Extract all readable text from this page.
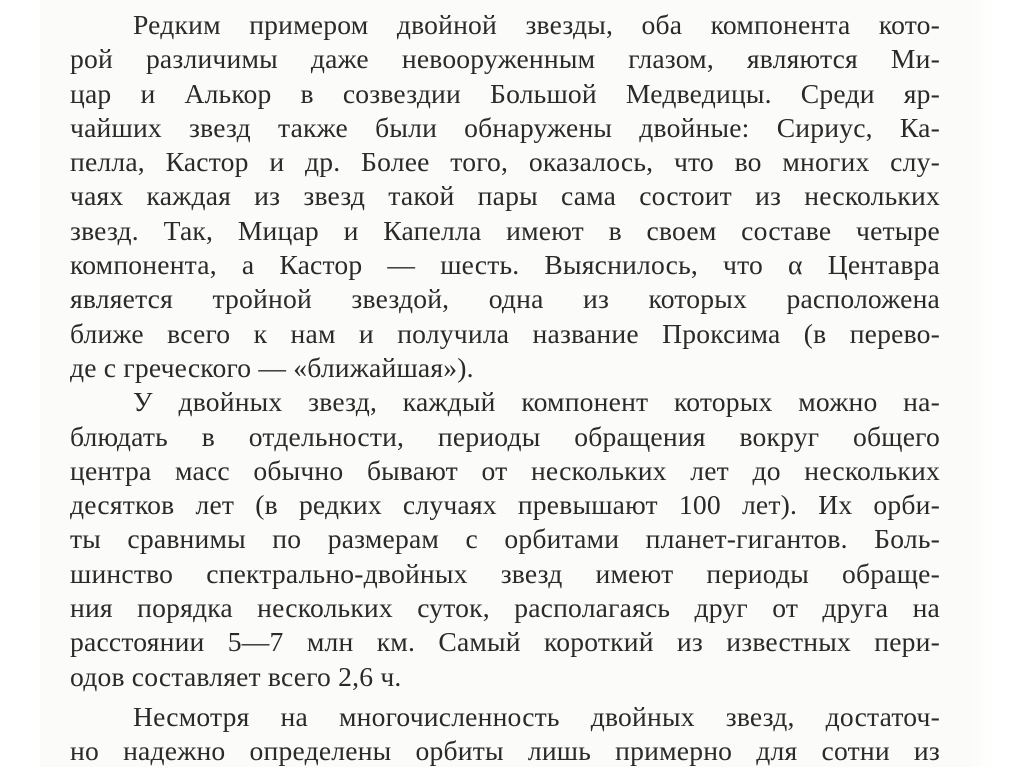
Редким примером двойной звезды, оба компонента кото-
рой различимы даже невооруженным глазом, являются Ми-
цар и Алькор в созвездии Большой Медведицы. Среди яр-
чайших звезд также были обнаружены двойные: Сириус, Ка-
пелла, Кастор и др. Более того, оказалось, что во многих слу-
чаях каждая из звезд такой пары сама состоит из нескольких
звезд. Так, Мицар и Капелла имеют в своем составе четыре
компонента, а Кастор — шесть. Выяснилось, что α Центавра
является тройной звездой, одна из которых расположена
ближе всего к нам и получила название Проксима (в перево-
де с греческого — «ближайшая»).
У двойных звезд, каждый компонент которых можно на-
блюдать в отдельности, периоды обращения вокруг общего
центра масс обычно бывают от нескольких лет до нескольких
десятков лет (в редких случаях превышают 100 лет). Их орби-
ты сравнимы по размерам с орбитами планет-гигантов. Боль-
шинство спектрально-двойных звезд имеют периоды обраще-
ния порядка нескольких суток, располагаясь друг от друга на
расстоянии 5—7 млн км. Самый короткий из известных пери-
одов составляет всего 2,6 ч.
Несмотря на многочисленность двойных звезд, достаточ-
но надежно определены орбиты лишь примерно для сотни из
